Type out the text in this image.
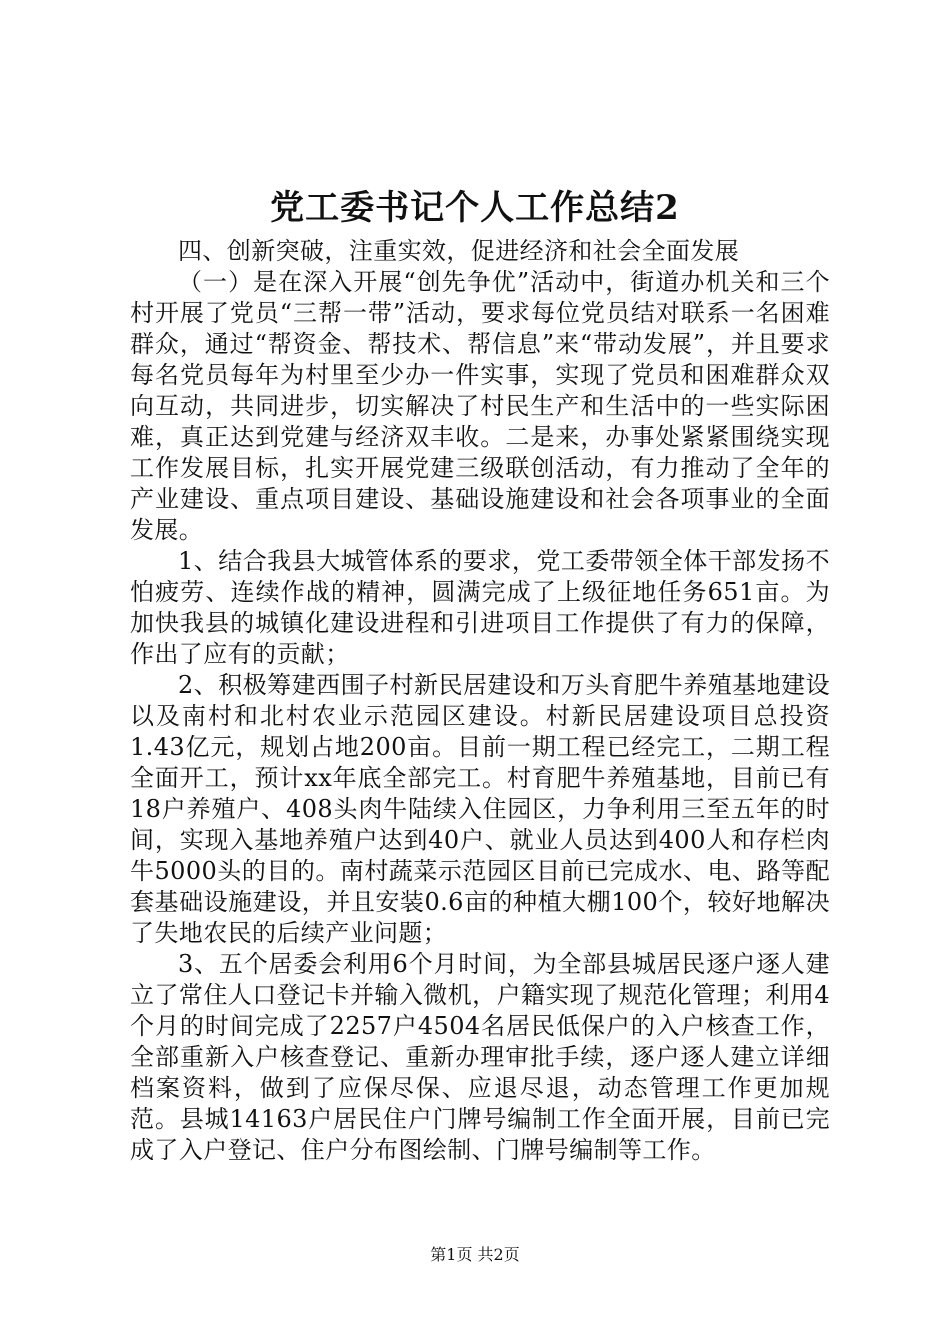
党工委书记个人工作总结2

四、创新突破，注重实效，促进经济和社会全面发展

（一）是在深入开展“创先争优”活动中，街道办机关和三个村开展了党员“三帮一带”活动，要求每位党员结对联系一名困难群众，通过“帮资金、帮技术、帮信息”来“带动发展”，并且要求每名党员每年为村里至少办一件实事，实现了党员和困难群众双向互动，共同进步，切实解决了村民生产和生活中的一些实际困难，真正达到党建与经济双丰收。二是来，办事处紧紧围绕实现工作发展目标，扎实开展党建三级联创活动，有力推动了全年的产业建设、重点项目建设、基础设施建设和社会各项事业的全面发展。

1、结合我县大城管体系的要求，党工委带领全体干部发扬不怕疲劳、连续作战的精神，圆满完成了上级征地任务651亩。为加快我县的城镇化建设进程和引进项目工作提供了有力的保障，作出了应有的贡献；

2、积极筹建西围子村新民居建设和万头育肥牛养殖基地建设以及南村和北村农业示范园区建设。村新民居建设项目总投资1.43亿元，规划占地200亩。目前一期工程已经完工，二期工程全面开工，预计xx年底全部完工。村育肥牛养殖基地，目前已有18户养殖户、408头肉牛陆续入住园区，力争利用三至五年的时间，实现入基地养殖户达到40户、就业人员达到400人和存栏肉牛5000头的目的。南村蔬菜示范园区目前已完成水、电、路等配套基础设施建设，并且安装0.6亩的种植大棚100个，较好地解决了失地农民的后续产业问题；

3、五个居委会利用6个月时间，为全部县城居民逐户逐人建立了常住人口登记卡并输入微机，户籍实现了规范化管理；利用4个月的时间完成了2257户4504名居民低保户的入户核查工作，全部重新入户核查登记、重新办理审批手续，逐户逐人建立详细档案资料，做到了应保尽保、应退尽退，动态管理工作更加规范。县城14163户居民住户门牌号编制工作全面开展，目前已完成了入户登记、住户分布图绘制、门牌号编制等工作。

第1页 共2页
